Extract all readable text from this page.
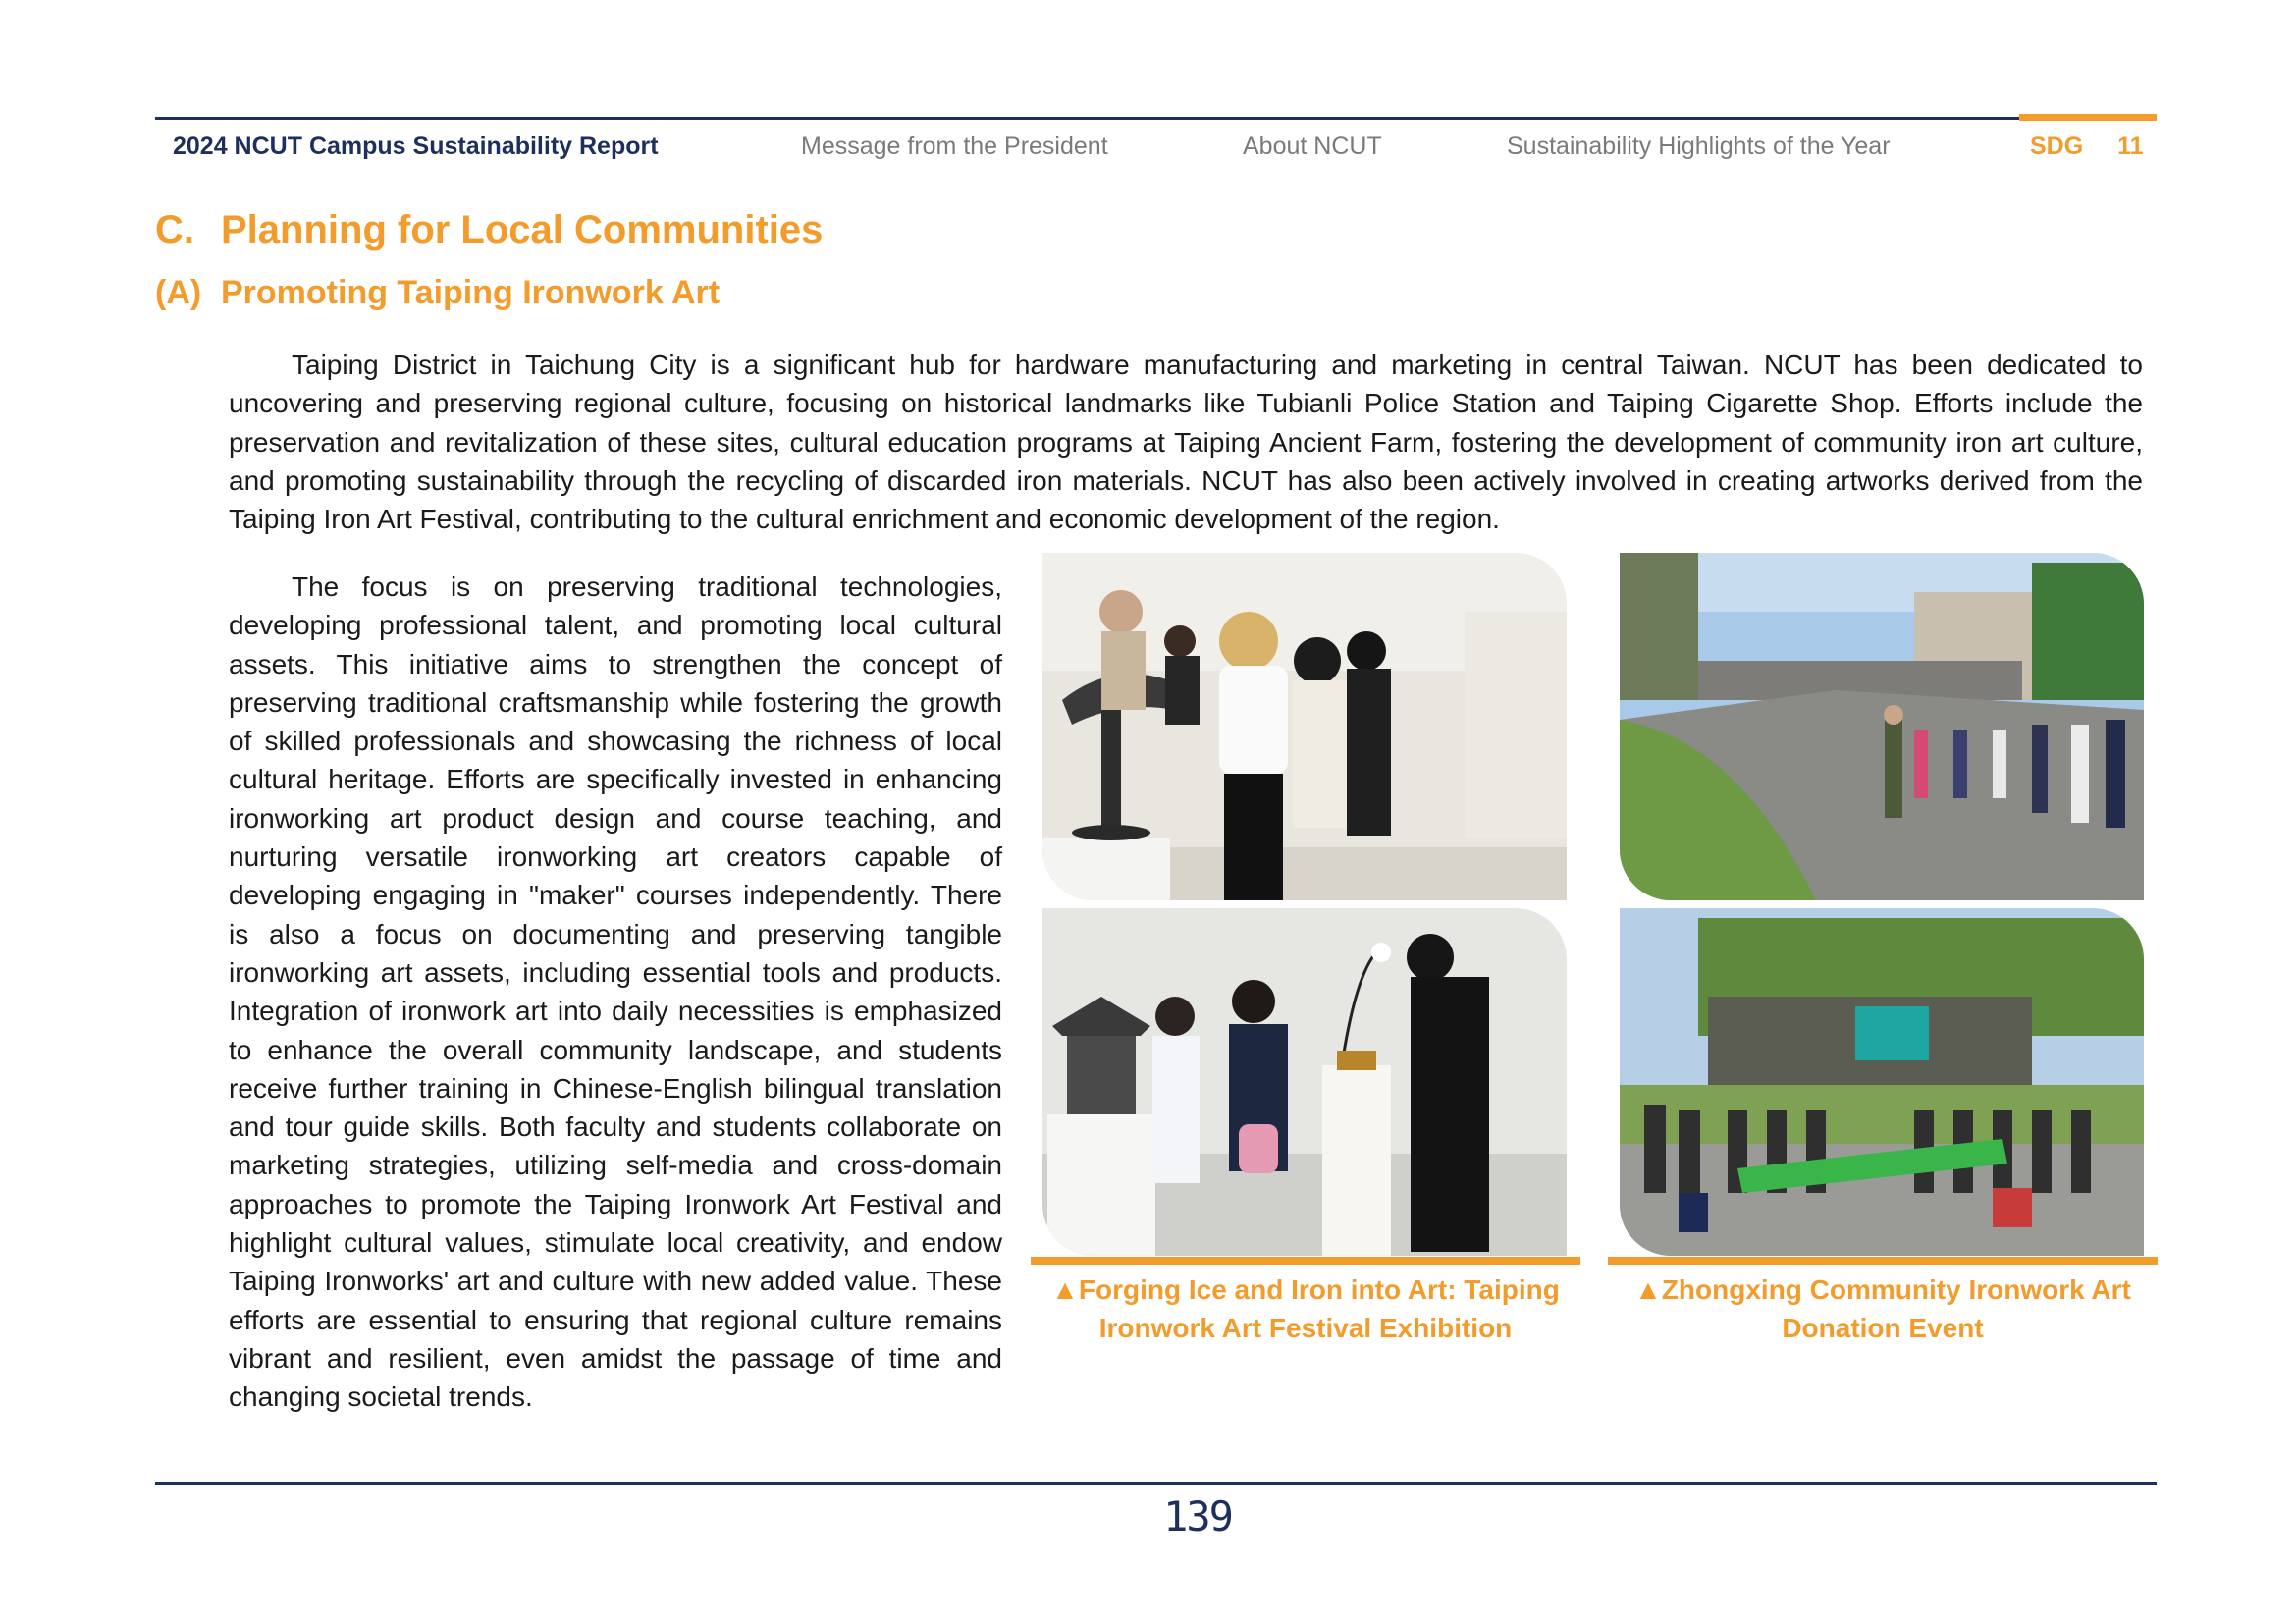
2024 NCUT Campus Sustainability Report	Message from the President	About NCUT	Sustainability Highlights of the Year	SDG 11
C. Planning for Local Communities
(A) Promoting Taiping Ironwork Art

Taiping District in Taichung City is a significant hub for hardware manufacturing and marketing in central Taiwan. NCUT has been dedicated to uncovering and preserving regional culture, focusing on historical landmarks like Tubianli Police Station and Taiping Cigarette Shop. Efforts include the preservation and revitalization of these sites, cultural education programs at Taiping Ancient Farm, fostering the development of community iron art culture, and promoting sustainability through the recycling of discarded iron materials. NCUT has also been actively involved in creating artworks derived from the Taiping Iron Art Festival, contributing to the cultural enrichment and economic development of the region.

The focus is on preserving traditional technologies, developing professional talent, and promoting local cultural assets. This initiative aims to strengthen the concept of preserving traditional craftsmanship while fostering the growth of skilled professionals and showcasing the richness of local cultural heritage. Efforts are specifically invested in enhancing ironworking art product design and course teaching, and nurturing versatile ironworking art creators capable of developing engaging in "maker" courses independently. There is also a focus on documenting and preserving tangible ironworking art assets, including essential tools and products. Integration of ironwork art into daily necessities is emphasized to enhance the overall community landscape, and students receive further training in Chinese-English bilingual translation and tour guide skills. Both faculty and students collaborate on marketing strategies, utilizing self-media and cross-domain approaches to promote the Taiping Ironwork Art Festival and highlight cultural values, stimulate local creativity, and endow Taiping Ironworks' art and culture with new added value. These efforts are essential to ensuring that regional culture remains vibrant and resilient, even amidst the passage of time and changing societal trends.

▲Forging Ice and Iron into Art: Taiping Ironwork Art Festival Exhibition
▲Zhongxing Community Ironwork Art Donation Event
139
